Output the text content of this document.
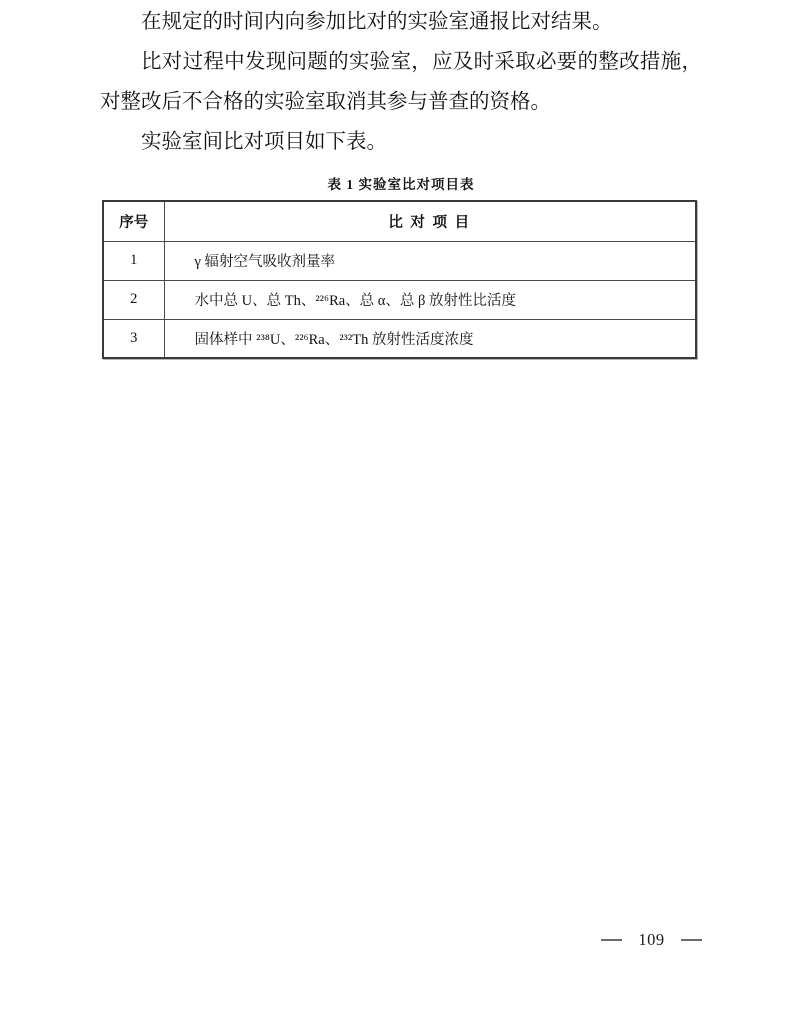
在规定的时间内向参加比对的实验室通报比对结果。

比对过程中发现问题的实验室，应及时采取必要的整改措施，对整改后不合格的实验室取消其参与普查的资格。

实验室间比对项目如下表。

表 1 实验室比对项目表
序号	比 对 项 目
1	γ 辐射空气吸收剂量率
2	水中总 U、总 Th、²²⁶Ra、总 α、总 β 放射性比活度
3	固体样中 ²³⁸U、²²⁶Ra、²³²Th 放射性活度浓度
109
